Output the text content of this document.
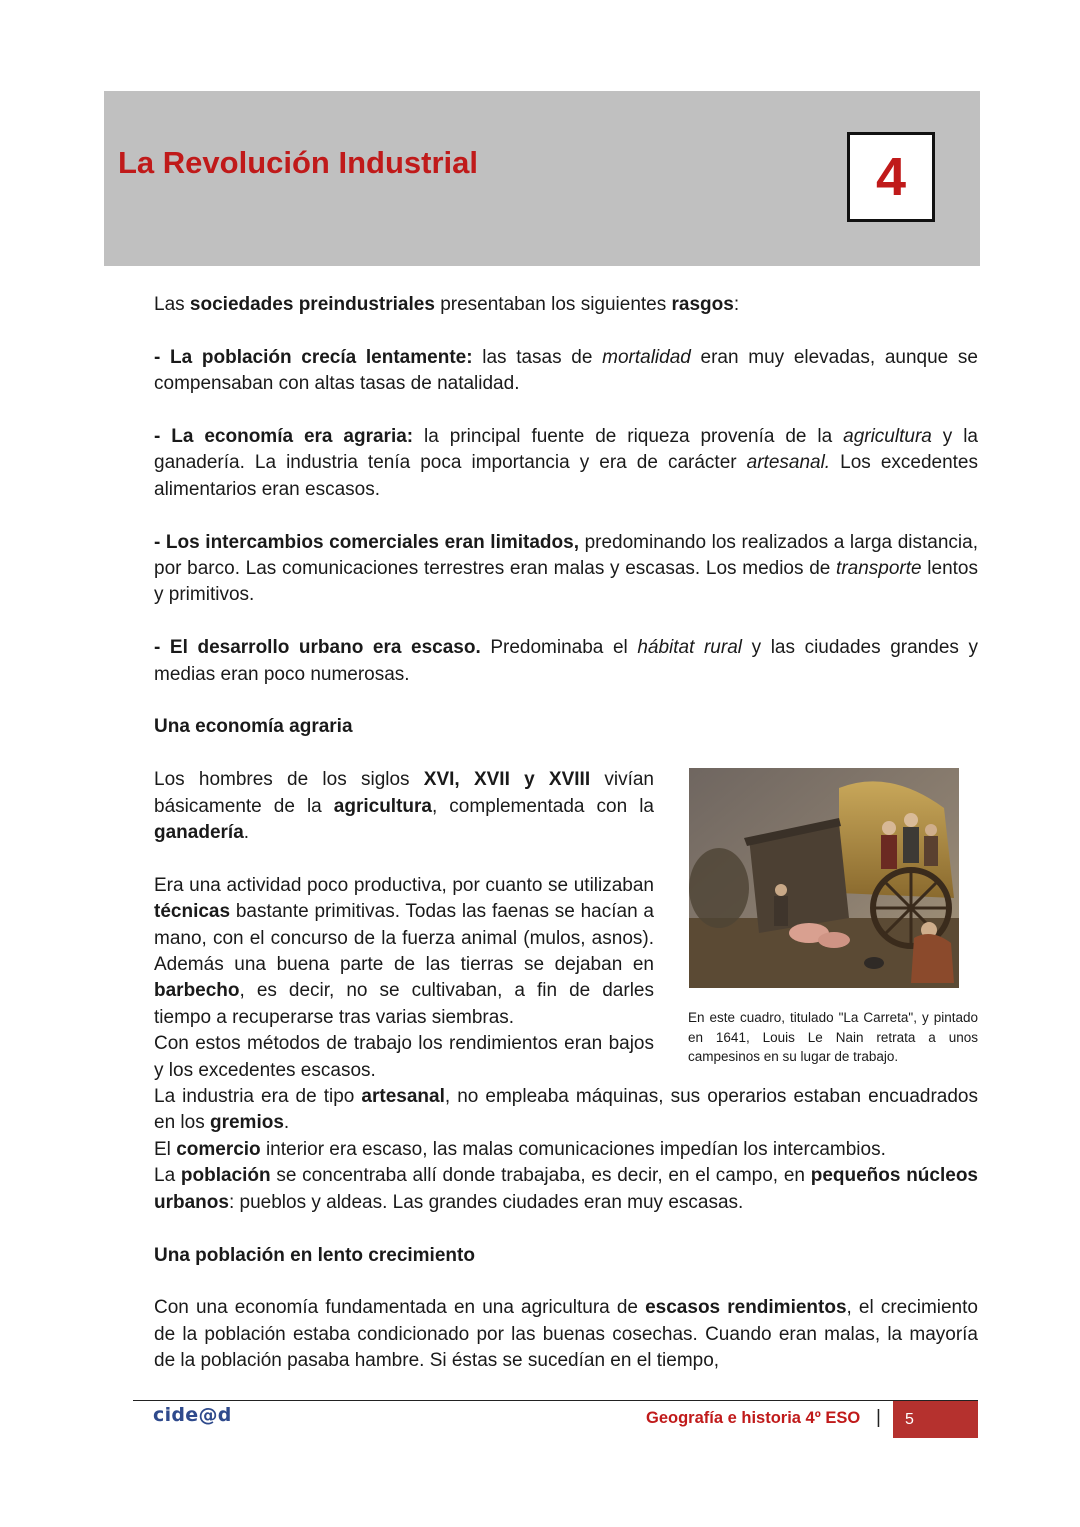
La Revolución Industrial	4

Las sociedades preindustriales presentaban los siguientes rasgos:

- La población crecía lentamente: las tasas de mortalidad eran muy elevadas, aunque se compensaban con altas tasas de natalidad.

- La economía era agraria: la principal fuente de riqueza provenía de la agricultura y la ganadería. La industria tenía poca importancia y era de carácter artesanal. Los excedentes alimentarios eran escasos.

- Los intercambios comerciales eran limitados, predominando los realizados a larga distancia, por barco. Las comunicaciones terrestres eran malas y escasas. Los medios de transporte lentos y primitivos.

- El desarrollo urbano era escaso. Predominaba el hábitat rural y las ciudades grandes y medias eran poco numerosas.

Una economía agraria

En este cuadro, titulado "La Carreta", y pintado en 1641, Louis Le Nain retrata a unos campesinos en su lugar de trabajo.

Los hombres de los siglos XVI, XVII y XVIII vivían básicamente de la agricultura, complementada con la ganadería.

Era una actividad poco productiva, por cuanto se utilizaban técnicas bastante primitivas. Todas las faenas se hacían a mano, con el concurso de la fuerza animal (mulos, asnos). Además una buena parte de las tierras se dejaban en barbecho, es decir, no se cultivaban, a fin de darles tiempo a recuperarse tras varias siembras.

Con estos métodos de trabajo los rendimientos eran bajos y los excedentes escasos.

La industria era de tipo artesanal, no empleaba máquinas, sus operarios estaban encuadrados en los gremios.

El comercio interior era escaso, las malas comunicaciones impedían los intercambios.

La población se concentraba allí donde trabajaba, es decir, en el campo, en pequeños núcleos urbanos: pueblos y aldeas. Las grandes ciudades eran muy escasas.

Una población en lento crecimiento

Con una economía fundamentada en una agricultura de escasos rendimientos, el crecimiento de la población estaba condicionado por las buenas cosechas. Cuando eran malas, la mayoría de la población pasaba hambre. Si éstas se sucedían en el tiempo,

cide@d	Geografía e historia 4º ESO |	5
